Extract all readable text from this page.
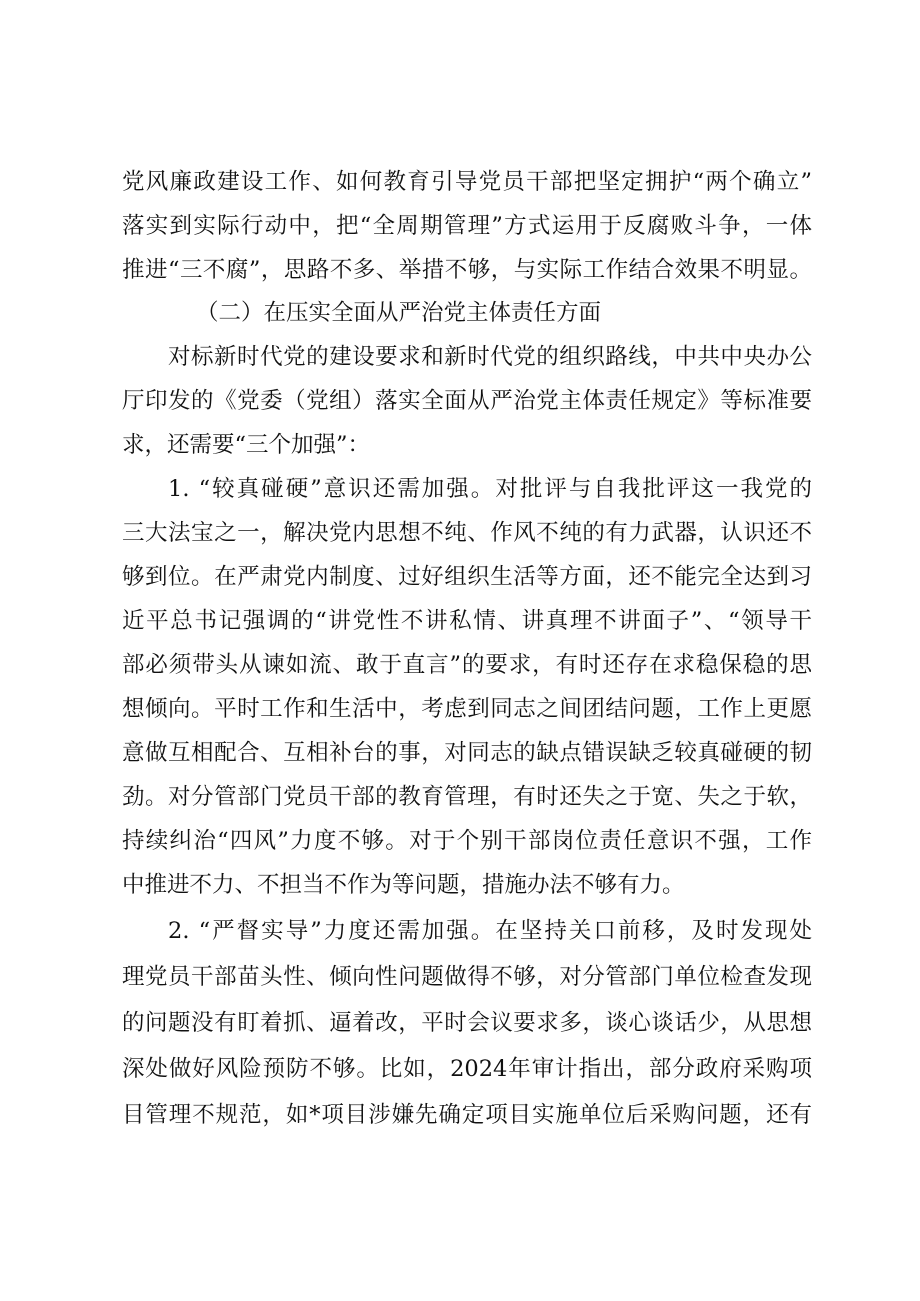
党风廉政建设工作、如何教育引导党员干部把坚定拥护“两个确立”
落实到实际行动中，把“全周期管理”方式运用于反腐败斗争，一体
推进“三不腐”，思路不多、举措不够，与实际工作结合效果不明显。
（二）在压实全面从严治党主体责任方面
对标新时代党的建设要求和新时代党的组织路线，中共中央办公
厅印发的《党委（党组）落实全面从严治党主体责任规定》等标准要
求，还需要“三个加强”：
1. “较真碰硬”意识还需加强。对批评与自我批评这一我党的
三大法宝之一，解决党内思想不纯、作风不纯的有力武器，认识还不
够到位。在严肃党内制度、过好组织生活等方面，还不能完全达到习
近平总书记强调的“讲党性不讲私情、讲真理不讲面子”、“领导干
部必须带头从谏如流、敢于直言”的要求，有时还存在求稳保稳的思
想倾向。平时工作和生活中，考虑到同志之间团结问题，工作上更愿
意做互相配合、互相补台的事，对同志的缺点错误缺乏较真碰硬的韧
劲。对分管部门党员干部的教育管理，有时还失之于宽、失之于软，
持续纠治“四风”力度不够。对于个别干部岗位责任意识不强，工作
中推进不力、不担当不作为等问题，措施办法不够有力。
2. “严督实导”力度还需加强。在坚持关口前移，及时发现处
理党员干部苗头性、倾向性问题做得不够，对分管部门单位检查发现
的问题没有盯着抓、逼着改，平时会议要求多，谈心谈话少，从思想
深处做好风险预防不够。比如，2024年审计指出，部分政府采购项
目管理不规范，如*项目涉嫌先确定项目实施单位后采购问题，还有
